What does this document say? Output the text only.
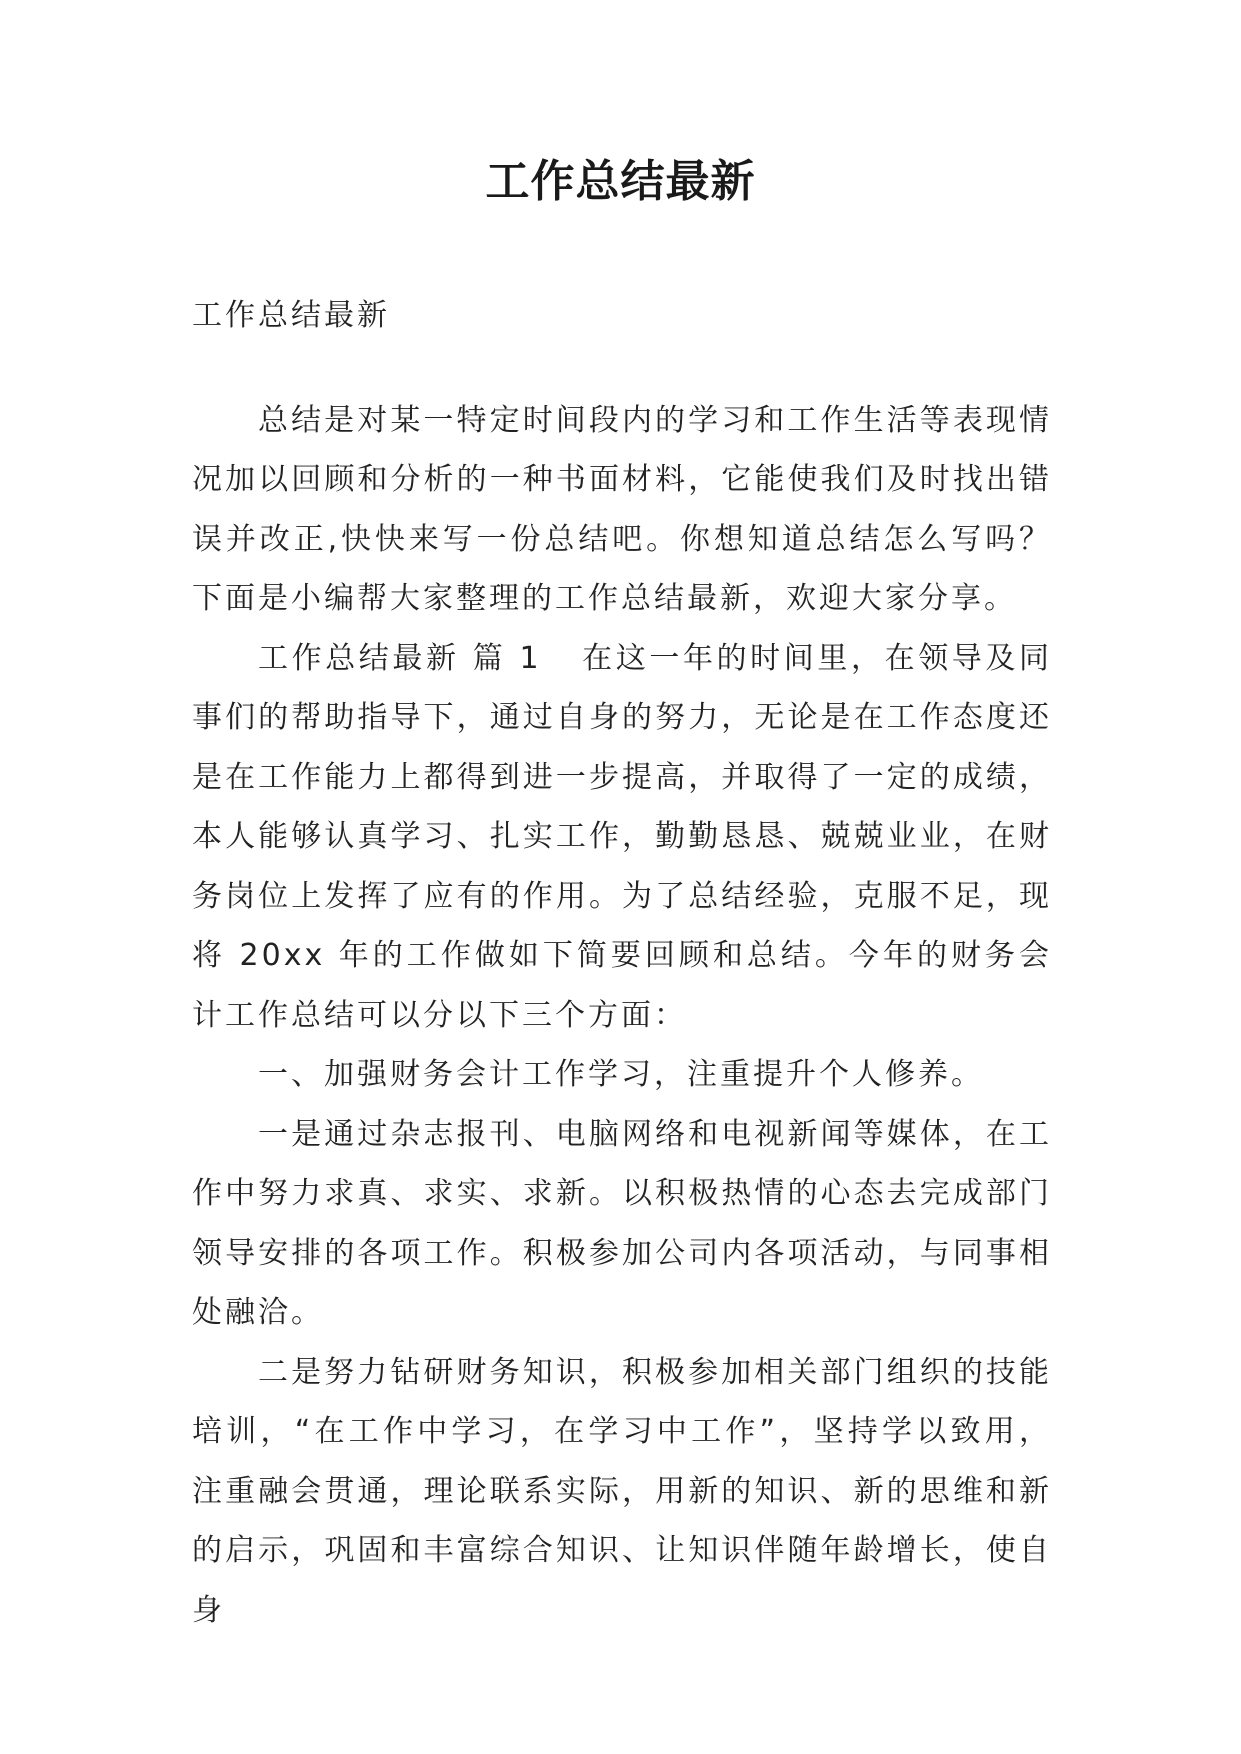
工作总结最新

工作总结最新

总结是对某一特定时间段内的学习和工作生活等表现情况加以回顾和分析的一种书面材料，它能使我们及时找出错误并改正,快快来写一份总结吧。你想知道总结怎么写吗？下面是小编帮大家整理的工作总结最新，欢迎大家分享。

工作总结最新 篇 1 在这一年的时间里，在领导及同事们的帮助指导下，通过自身的努力，无论是在工作态度还是在工作能力上都得到进一步提高，并取得了一定的成绩，本人能够认真学习、扎实工作，勤勤恳恳、兢兢业业，在财务岗位上发挥了应有的作用。为了总结经验，克服不足，现将 20xx 年的工作做如下简要回顾和总结。今年的财务会计工作总结可以分以下三个方面：

一、加强财务会计工作学习，注重提升个人修养。

一是通过杂志报刊、电脑网络和电视新闻等媒体，在工作中努力求真、求实、求新。以积极热情的心态去完成部门领导安排的各项工作。积极参加公司内各项活动，与同事相处融洽。

二是努力钻研财务知识，积极参加相关部门组织的技能培训，“在工作中学习，在学习中工作”，坚持学以致用，注重融会贯通，理论联系实际，用新的知识、新的思维和新的启示，巩固和丰富综合知识、让知识伴随年龄增长，使自身
